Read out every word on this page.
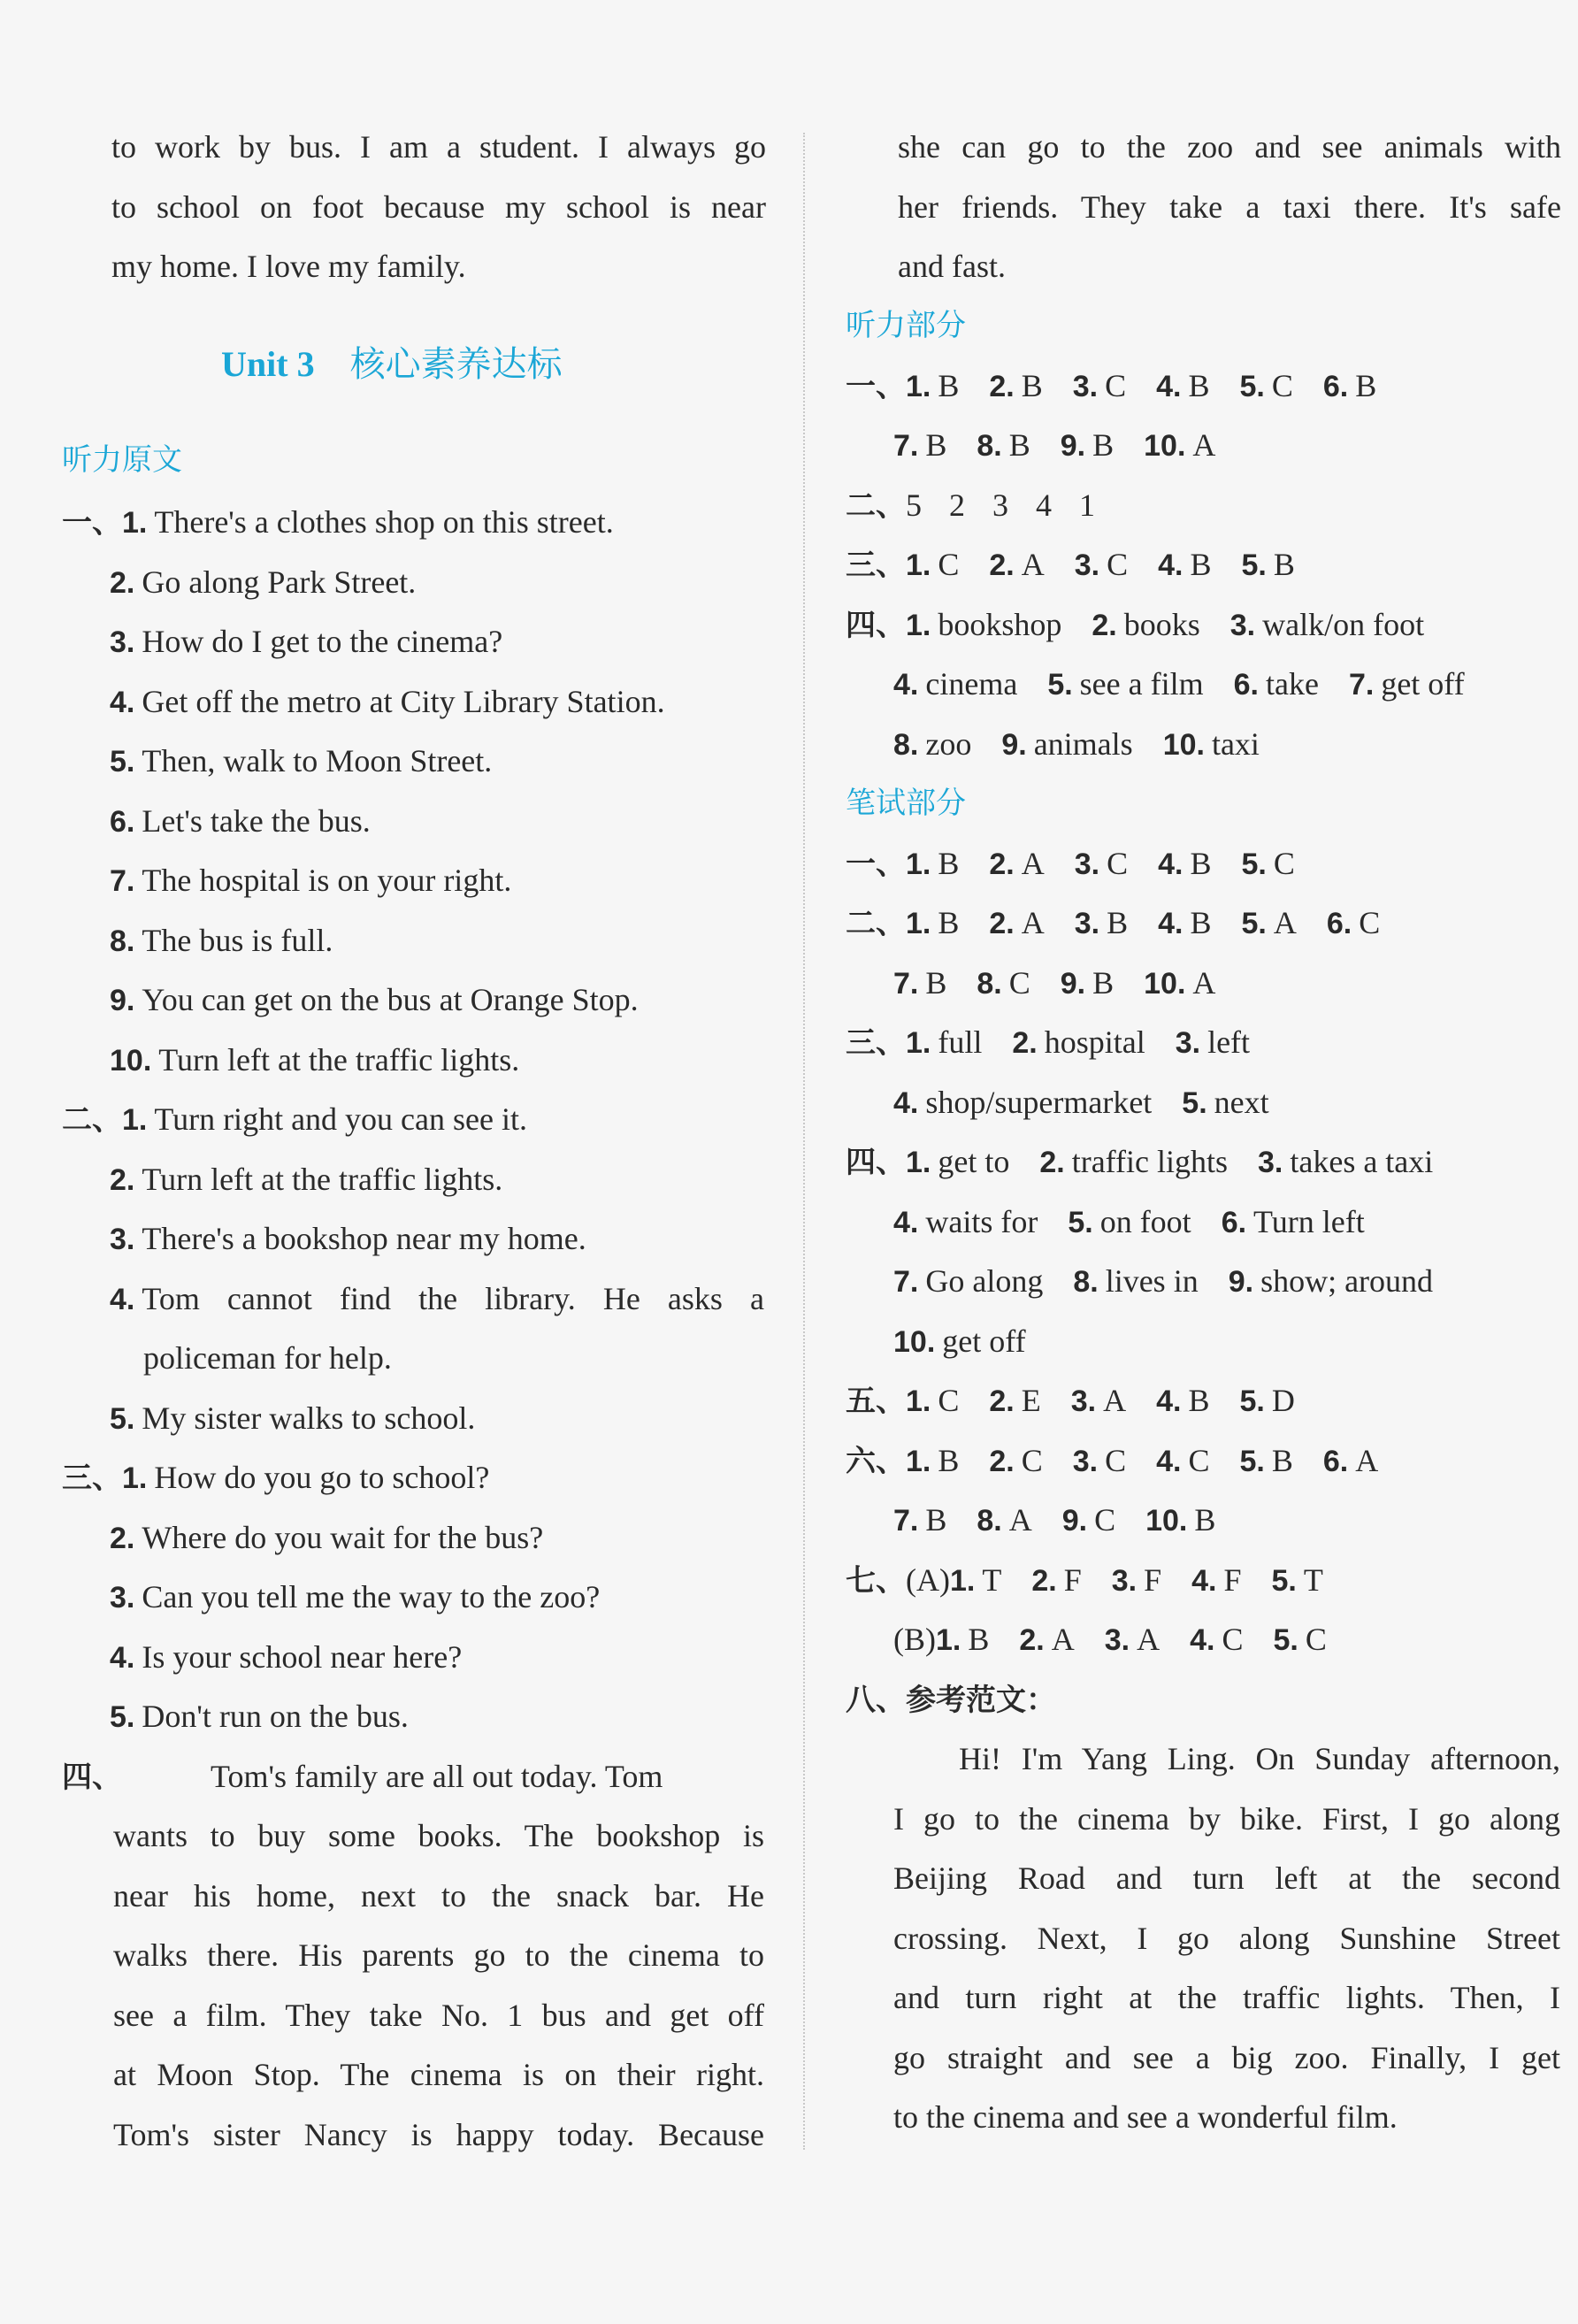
to work by bus. I am a student. I always go
to school on foot because my school is near
my home. I love my family.
Unit 3 核心素养达标
听力原文
一、1. There's a clothes shop on this street.
2. Go along Park Street.
3. How do I get to the cinema?
4. Get off the metro at City Library Station.
5. Then, walk to Moon Street.
6. Let's take the bus.
7. The hospital is on your right.
8. The bus is full.
9. You can get on the bus at Orange Stop.
10. Turn left at the traffic lights.
二、1. Turn right and you can see it.
2. Turn left at the traffic lights.
3. There's a bookshop near my home.
4. Tom cannot find the library. He asks a
policeman for help.
5. My sister walks to school.
三、1. How do you go to school?
2. Where do you wait for the bus?
3. Can you tell me the way to the zoo?
4. Is your school near here?
5. Don't run on the bus.
四、	Tom's family are all out today. Tom
wants to buy some books. The bookshop is
near his home, next to the snack bar. He
walks there. His parents go to the cinema to
see a film. They take No. 1 bus and get off
at Moon Stop. The cinema is on their right.
Tom's sister Nancy is happy today. Because
she can go to the zoo and see animals with
her friends. They take a taxi there. It's safe
and fast.
听力部分
一、1. B 2. B 3. C 4. B 5. C 6. B
7. B 8. B 9. B 10. A
二、5   2   3   4   1
三、1. C 2. A 3. C 4. B 5. B
四、1. bookshop 2. books 3. walk/on foot
4. cinema 5. see a film 6. take 7. get off
8. zoo 9. animals 10. taxi
笔试部分
一、1. B 2. A 3. C 4. B 5. C
二、1. B 2. A 3. B 4. B 5. A 6. C
7. B 8. C 9. B 10. A
三、1. full 2. hospital 3. left
4. shop/supermarket 5. next
四、1. get to 2. traffic lights 3. takes a taxi
4. waits for 5. on foot 6. Turn left
7. Go along 8. lives in 9. show; around
10. get off
五、1. C 2. E 3. A 4. B 5. D
六、1. B 2. C 3. C 4. C 5. B 6. A
7. B 8. A 9. C 10. B
七、(A)1. T 2. F 3. F 4. F 5. T
(B)1. B 2. A 3. A 4. C 5. C
八、参考范文：
Hi! I'm Yang Ling. On Sunday afternoon,
I go to the cinema by bike. First, I go along
Beijing Road and turn left at the second
crossing. Next, I go along Sunshine Street
and turn right at the traffic lights. Then, I
go straight and see a big zoo. Finally, I get
to the cinema and see a wonderful film.
